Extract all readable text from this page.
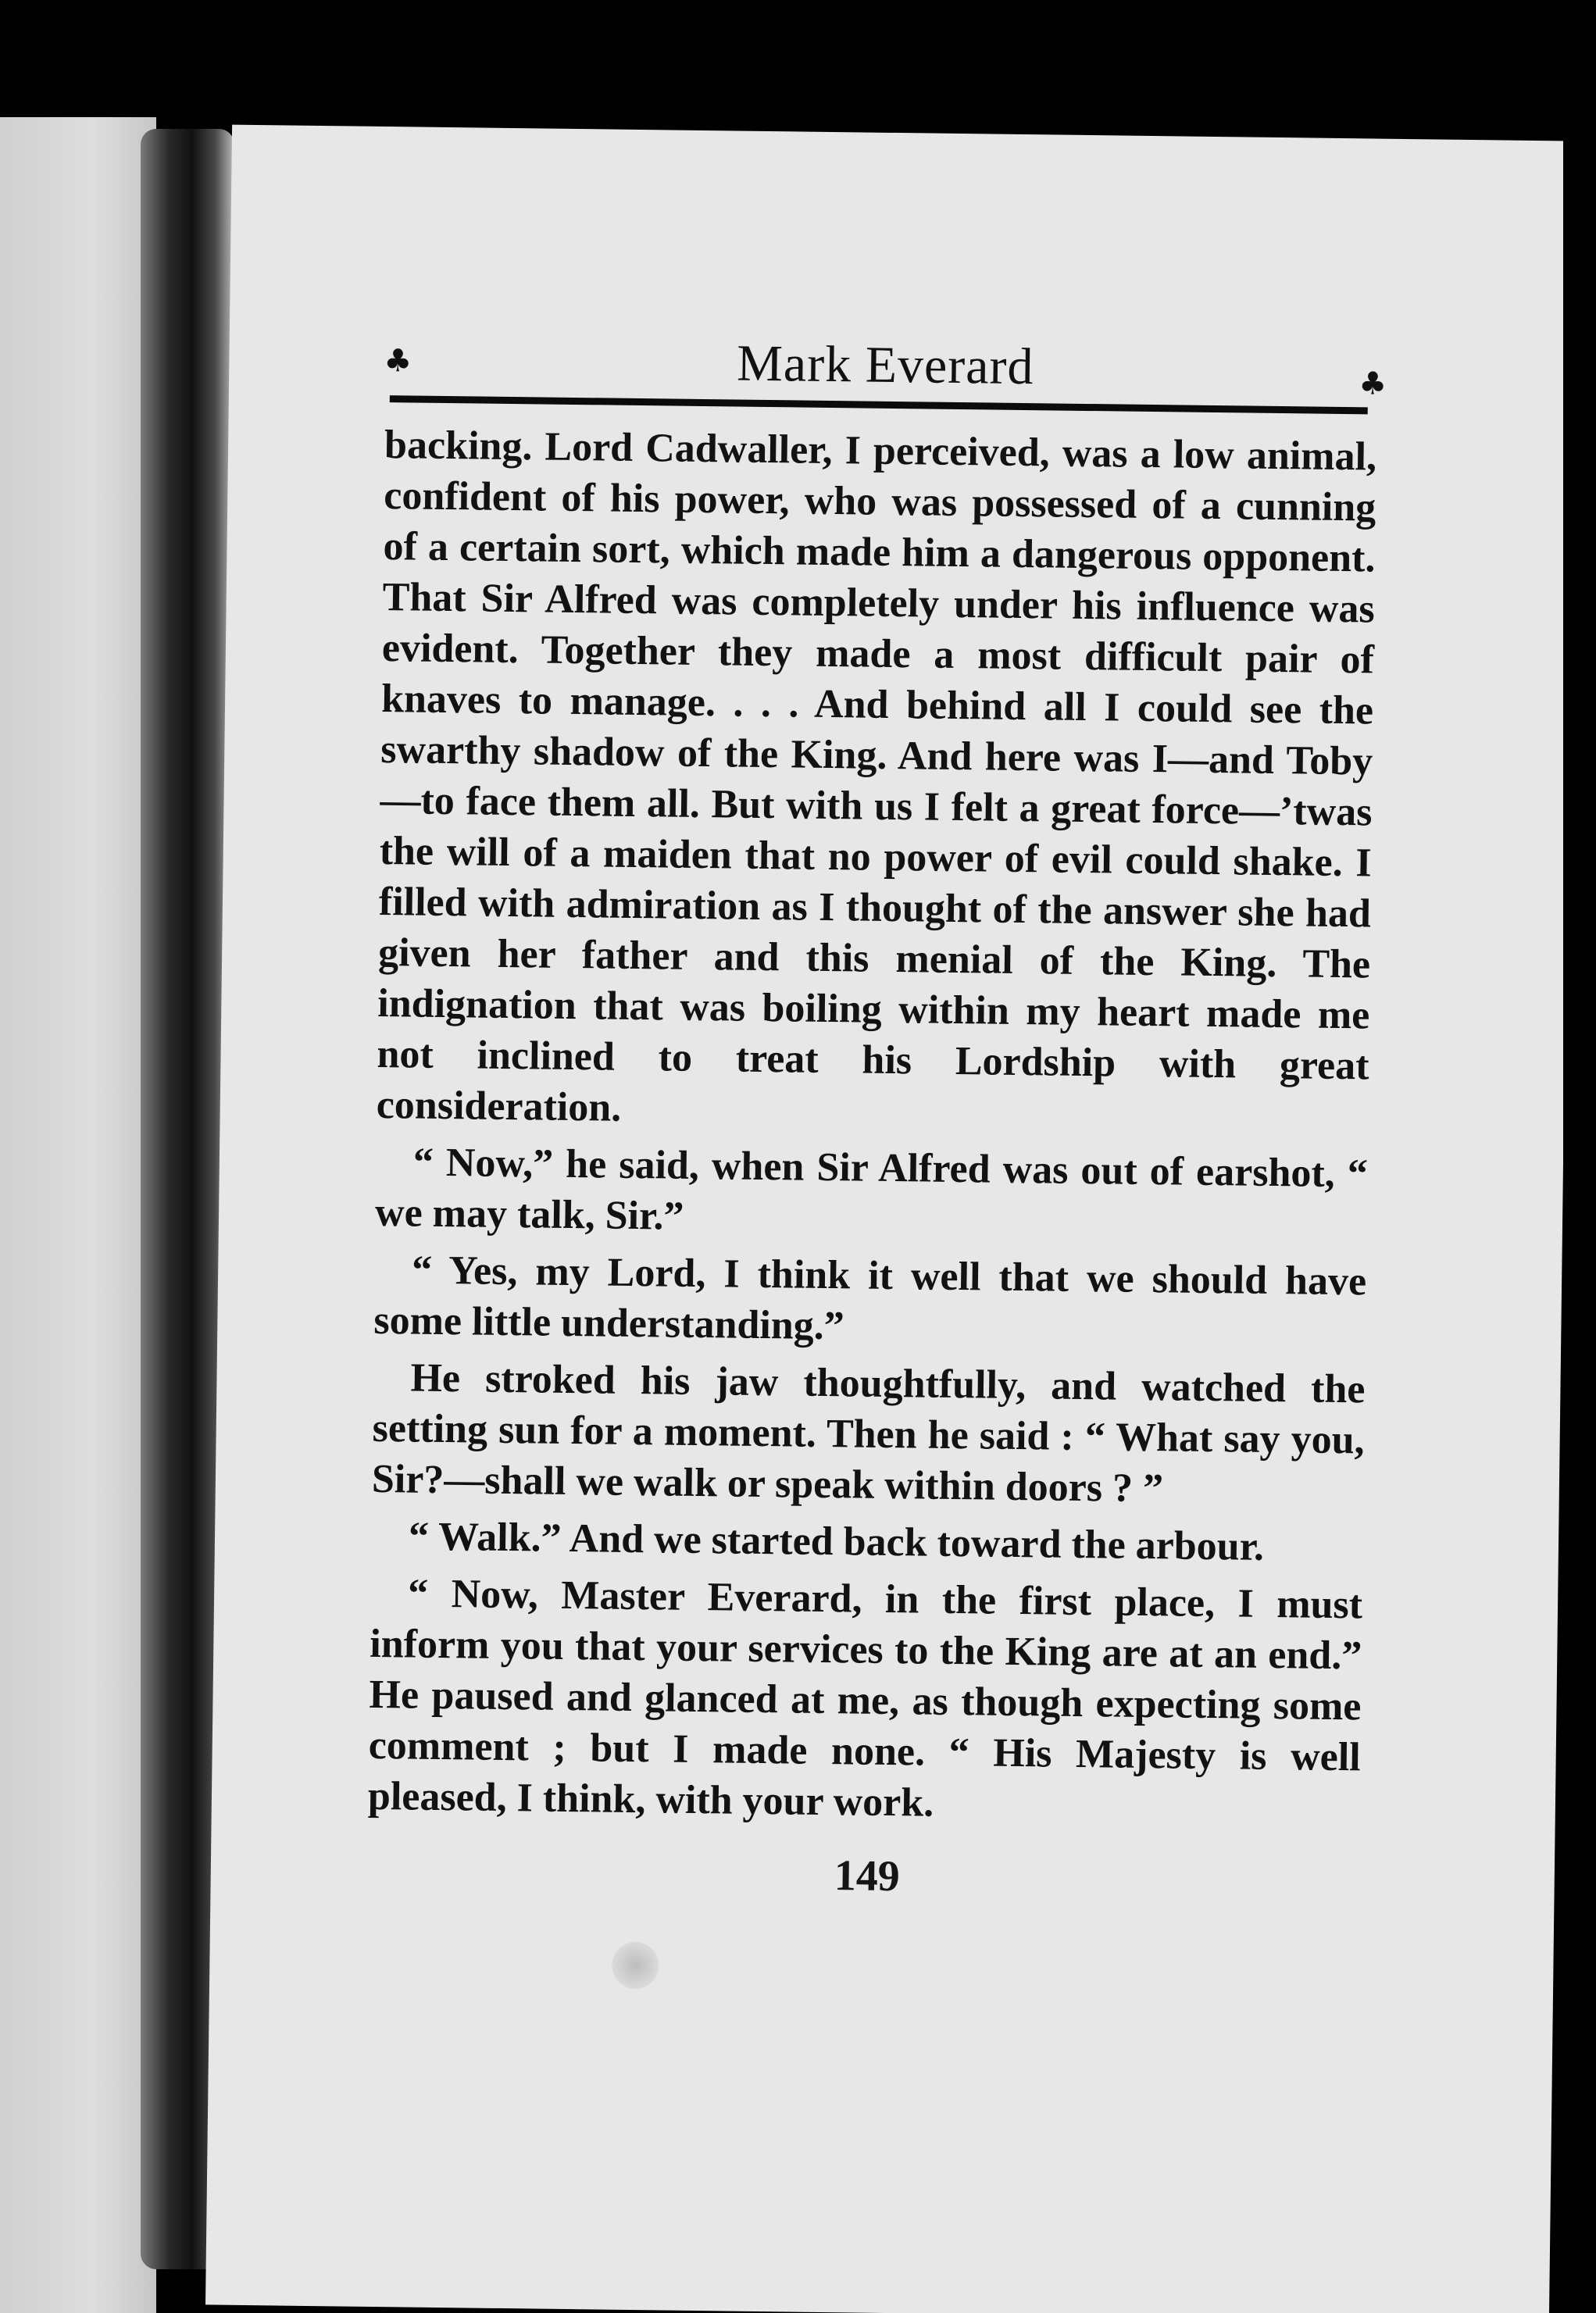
♣	Mark Everard	♣

backing. Lord Cadwaller, I perceived, was a low animal, confident of his power, who was possessed of a cunning of a certain sort, which made him a dangerous opponent. That Sir Alfred was completely under his influence was evident. Together they made a most difficult pair of knaves to manage. . . . And behind all I could see the swarthy shadow of the King. And here was I—and Toby—to face them all. But with us I felt a great force—’twas the will of a maiden that no power of evil could shake. I filled with admiration as I thought of the answer she had given her father and this menial of the King. The indignation that was boiling within my heart made me not inclined to treat his Lordship with great consideration.

“ Now,” he said, when Sir Alfred was out of earshot, “ we may talk, Sir.”

“ Yes, my Lord, I think it well that we should have some little understanding.”

He stroked his jaw thoughtfully, and watched the setting sun for a moment. Then he said : “ What say you, Sir?—shall we walk or speak within doors ? ”

“ Walk.” And we started back toward the arbour.

“ Now, Master Everard, in the first place, I must inform you that your services to the King are at an end.” He paused and glanced at me, as though expecting some comment ; but I made none. “ His Majesty is well pleased, I think, with your work.

149
